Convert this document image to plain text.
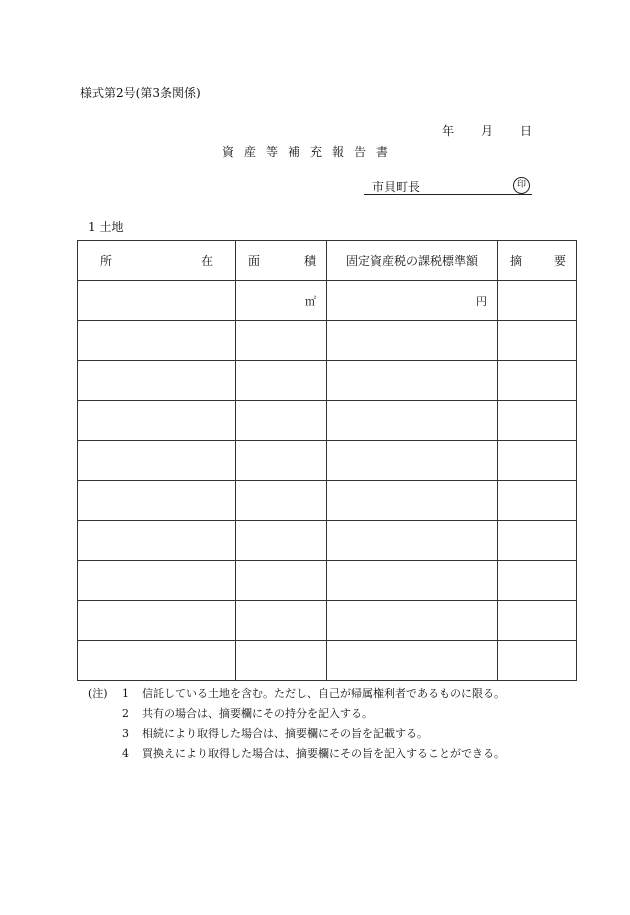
様式第2号(第3条関係)
年 月 日
資産等補充報告書
市貝町長	印
1 土地
所 在	面 積	固定資産税の課税標準額	摘 要

	㎡	円	

(注)	1	信託している土地を含む。ただし、自己が帰属権利者であるものに限る。
2	共有の場合は、摘要欄にその持分を記入する。
3	相続により取得した場合は、摘要欄にその旨を記載する。
4	買換えにより取得した場合は、摘要欄にその旨を記入することができる。
